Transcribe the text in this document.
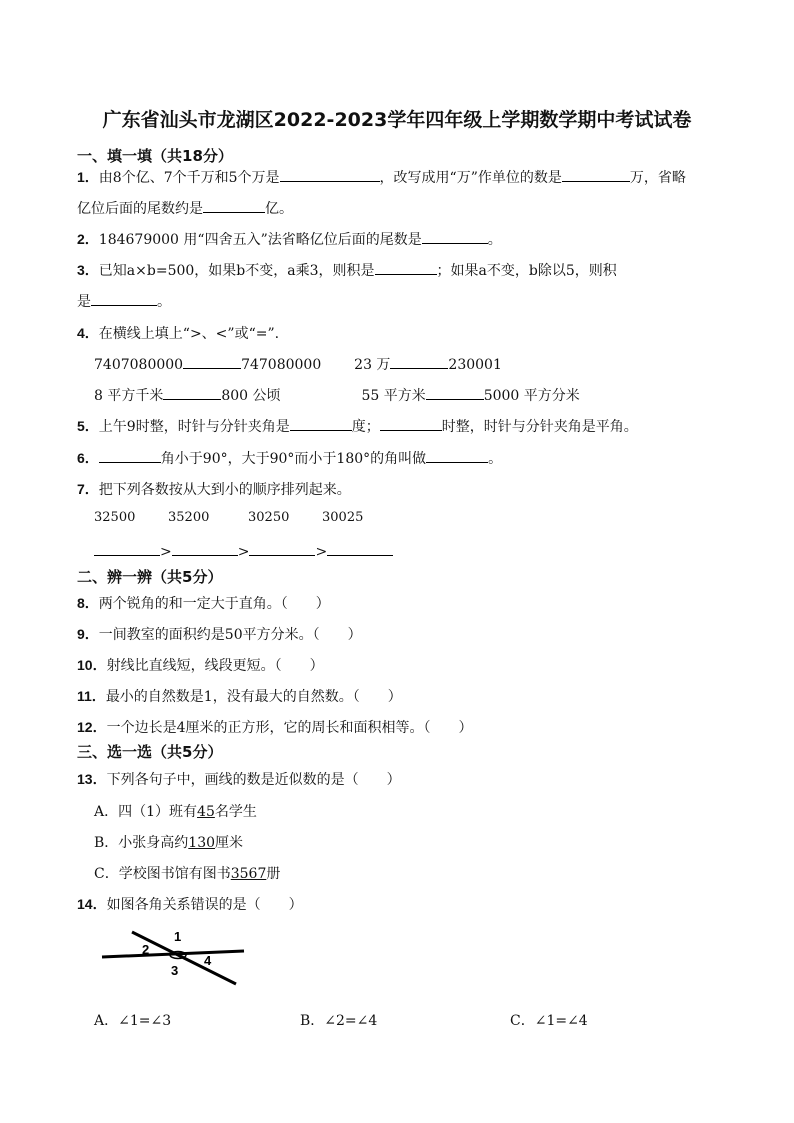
广东省汕头市龙湖区2022-2023学年四年级上学期数学期中考试试卷
一、填一填（共18分）
1．由8个亿、7个千万和5个万是	，改写成用“万”作单位的数是	万，省略
亿位后面的尾数约是	亿。
2．184679000 用“四舍五入”法省略亿位后面的尾数是	。
3．已知a×b=500，如果b不变，a乘3，则积是	；如果a不变，b除以5，则积
是	。
4．在横线上填上“>、<”或“=”.
7407080000	747080000 23 万	230001
8 平方千米	800 公顷	55 平方米	5000 平方分米
5．上午9时整，时针与分针夹角是	度；	时整，时针与分针夹角是平角。
6．	角小于90°，大于90°而小于180°的角叫做	。
7．把下列各数按从大到小的顺序排列起来。
32500	35200	30250	30025
>	>	>
二、辨一辨（共5分）
8．两个锐角的和一定大于直角。（　　）
9．一间教室的面积约是50平方分米。（　　）
10．射线比直线短，线段更短。（　　）
11．最小的自然数是1，没有最大的自然数。（　　）
12．一个边长是4厘米的正方形，它的周长和面积相等。（　　）
三、选一选（共5分）
13．下列各句子中，画线的数是近似数的是（　　）
A．四（1）班有45名学生
B．小张身高约130厘米
C．学校图书馆有图书3567册
14．如图各角关系错误的是（　　）
1
2
3
4
A．∠1=∠3	B．∠2=∠4	C．∠1=∠4
